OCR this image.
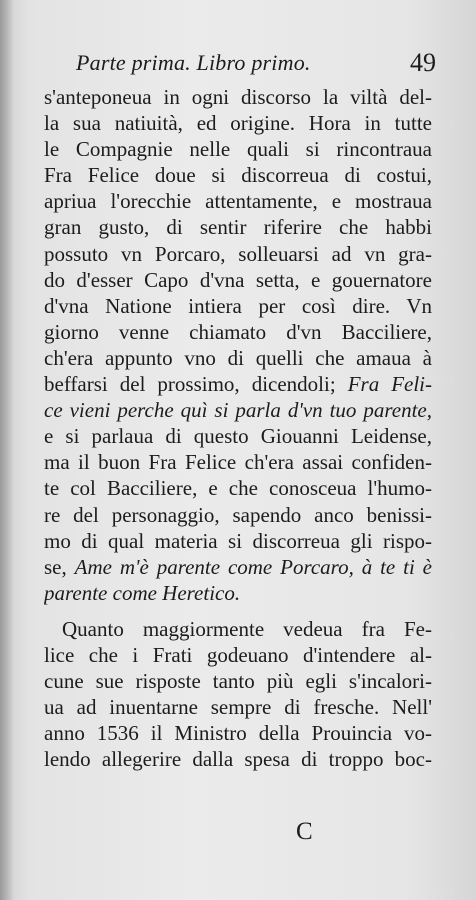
Parte prima. Libro primo.	49
s'anteponeua in ogni discorso la viltà del-
la sua natiuità, ed origine. Hora in tutte
le Compagnie nelle quali si rincontraua
Fra Felice doue si discorreua di costui,
apriua l'orecchie attentamente, e mostraua
gran gusto, di sentir riferire che habbi
possuto vn Porcaro, solleuarsi ad vn gra-
do d'esser Capo d'vna setta, e gouernatore
d'vna Natione intiera per così dire. Vn
giorno venne chiamato d'vn Bacciliere,
ch'era appunto vno di quelli che amaua à
beffarsi del prossimo, dicendoli; Fra Feli-
ce vieni perche quì si parla d'vn tuo parente,
e si parlaua di questo Giouanni Leidense,
ma il buon Fra Felice ch'era assai confiden-
te col Bacciliere, e che conosceua l'humo-
re del personaggio, sapendo anco benissi-
mo di qual materia si discorreua gli rispo-
se, Ame m'è parente come Porcaro, à te ti è
parente come Heretico.
Quanto maggiormente vedeua fra Fe-
lice che i Frati godeuano d'intendere al-
cune sue risposte tanto più egli s'incalori-
ua ad inuentarne sempre di fresche. Nell'
anno 1536 il Ministro della Prouincia vo-
lendo allegerire dalla spesa di troppo boc-
C
